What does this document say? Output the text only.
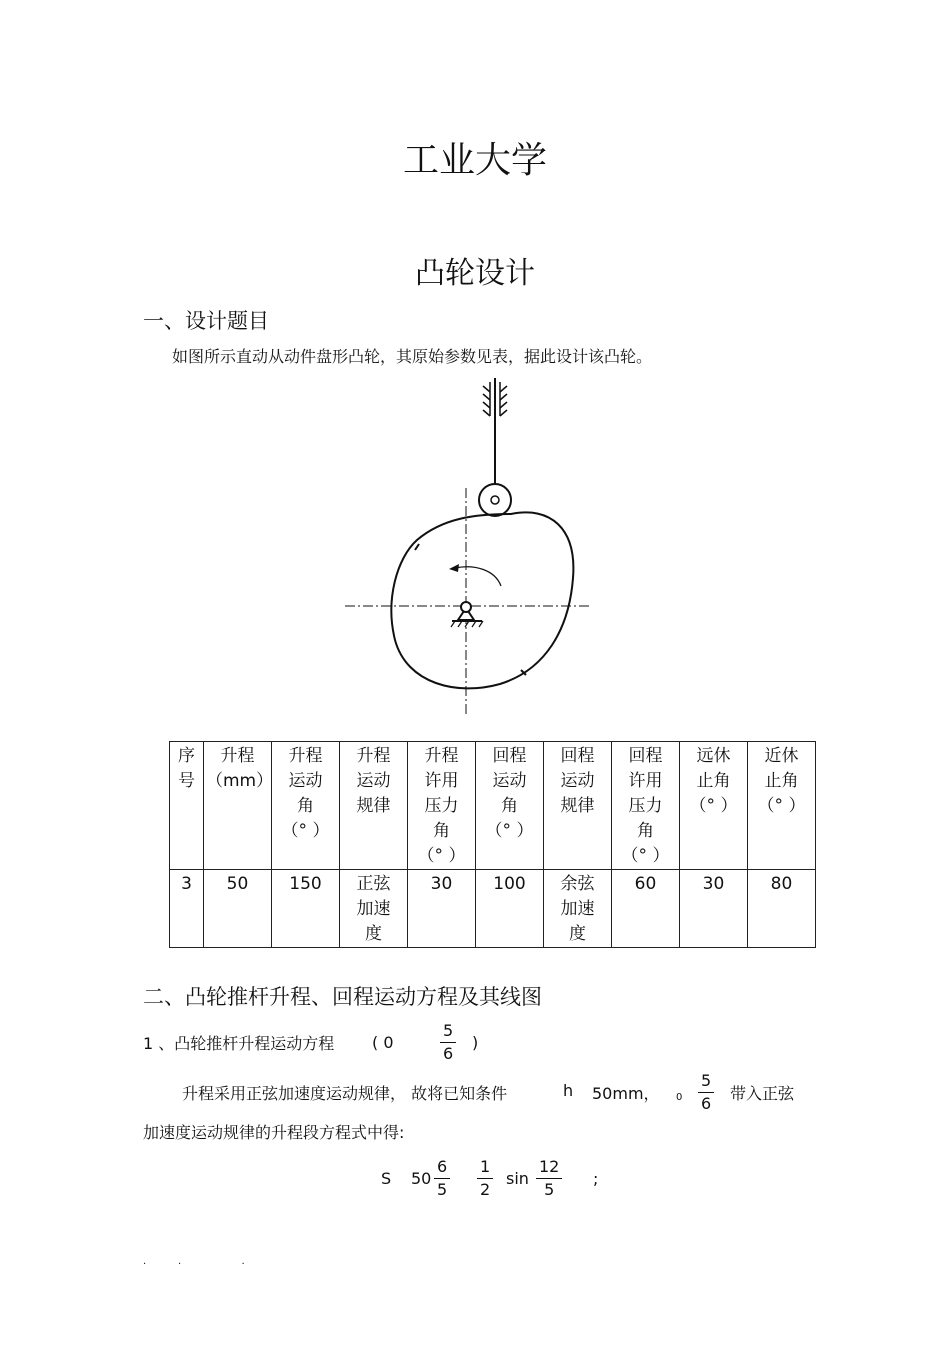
工业大学
凸轮设计
一、设计题目
如图所示直动从动件盘形凸轮，其原始参数见表，据此设计该凸轮。
序
号	升程
（mm）	升程
运动
角
（° ）	升程
运动
规律	升程
许用
压力
角
（° ）	回程
运动
角
（° ）	回程
运动
规律	回程
许用
压力
角
（° ）	远休
止角
（° ）	近休
止角
（° ）
3	50	150	正弦
加速
度	30	100	余弦
加速
度	60	30	80
二、凸轮推杆升程、回程运动方程及其线图
1 、凸轮推杆升程运动方程 ( 0	$\frac{5}{6}$ )
升程采用正弦加速度运动规律， 故将已知条件	h 50mm， $0 \frac{5}{6}$ 带入正弦
加速度运动规律的升程段方程式中得:
S $50 \frac{6}{5} \frac{1}{2}$ $\sin \frac{12}{5}$ ;
.          .                   .
